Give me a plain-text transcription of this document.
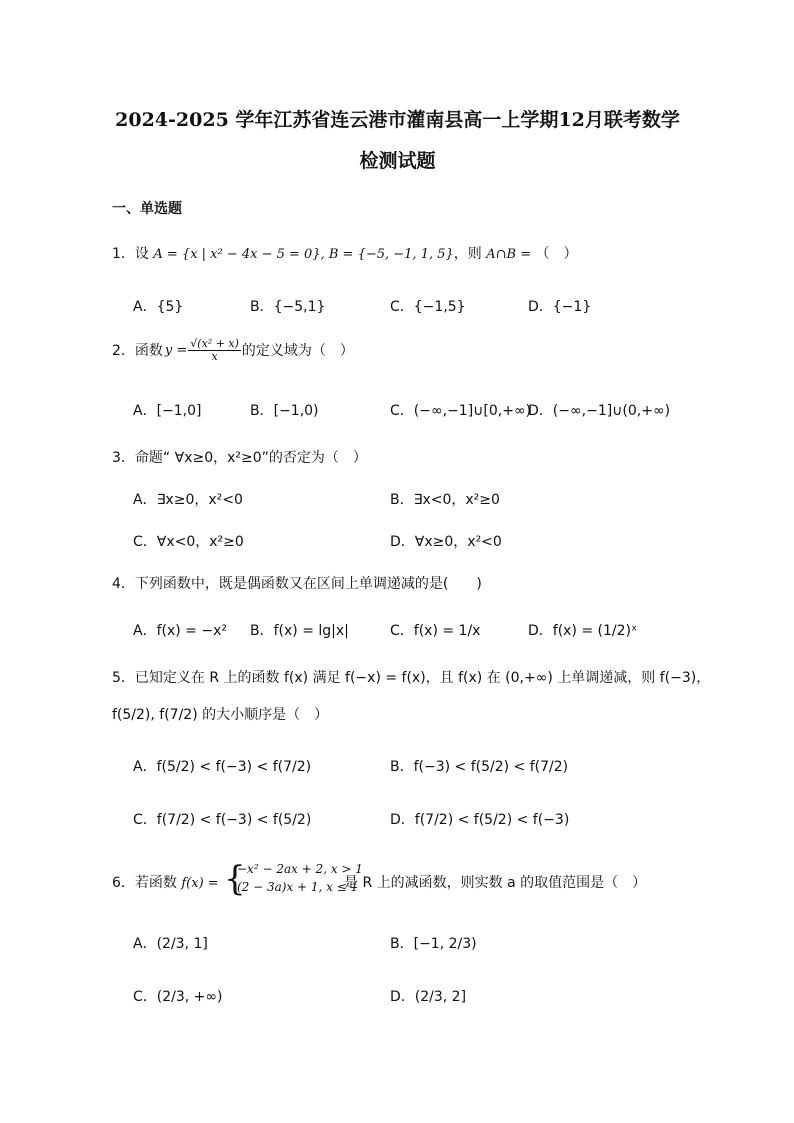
2024-2025 学年江苏省连云港市灌南县高一上学期12月联考数学
检测试题
一、单选题
1．设 A = {x | x² − 4x − 5 = 0}, B = {−5, −1, 1, 5}，则 A∩B = （　）
A．{5}	B．{−5,1}	C．{−1,5}	D．{−1}
2． 函数 $y = \frac{\text{√(x² + x)}}{x}$ 的定义域为（　）
A．[−1,0]	B．[−1,0)	C．(−∞,−1]∪[0,+∞)
D．(−∞,−1]∪(0,+∞)
3．命题“ ∀x≥0，x²≥0”的否定为（　）
A．∃x≥0，x²<0	B．∃x<0，x²≥0
C．∀x<0，x²≥0	D．∀x≥0，x²<0
4．下列函数中，既是偶函数又在区间上单调递减的是(　　)
A．f(x) = −x² B．f(x) = lg|x|	C．f(x) = 1/x	D．f(x) = (1/2)ˣ
5．已知定义在 R 上的函数 f(x) 满足 f(−x) = f(x)，且 f(x) 在 (0,+∞) 上单调递减，则 f(−3)，
f(5/2), f(7/2) 的大小顺序是（　）
A．f(5/2) < f(−3) < f(7/2)	B．f(−3) < f(5/2) < f(7/2)
C．f(7/2) < f(−3) < f(5/2)	D．f(7/2) < f(5/2) < f(−3)
6．若函数 f(x) = {
−x² − 2ax + 2, x > 1
(2 − 3a)x + 1, x ≤ 1
是 R 上的减函数，则实数 a 的取值范围是（　）
A．(2/3, 1]	B．[−1, 2/3)
C．(2/3, +∞)	D．(2/3, 2]
